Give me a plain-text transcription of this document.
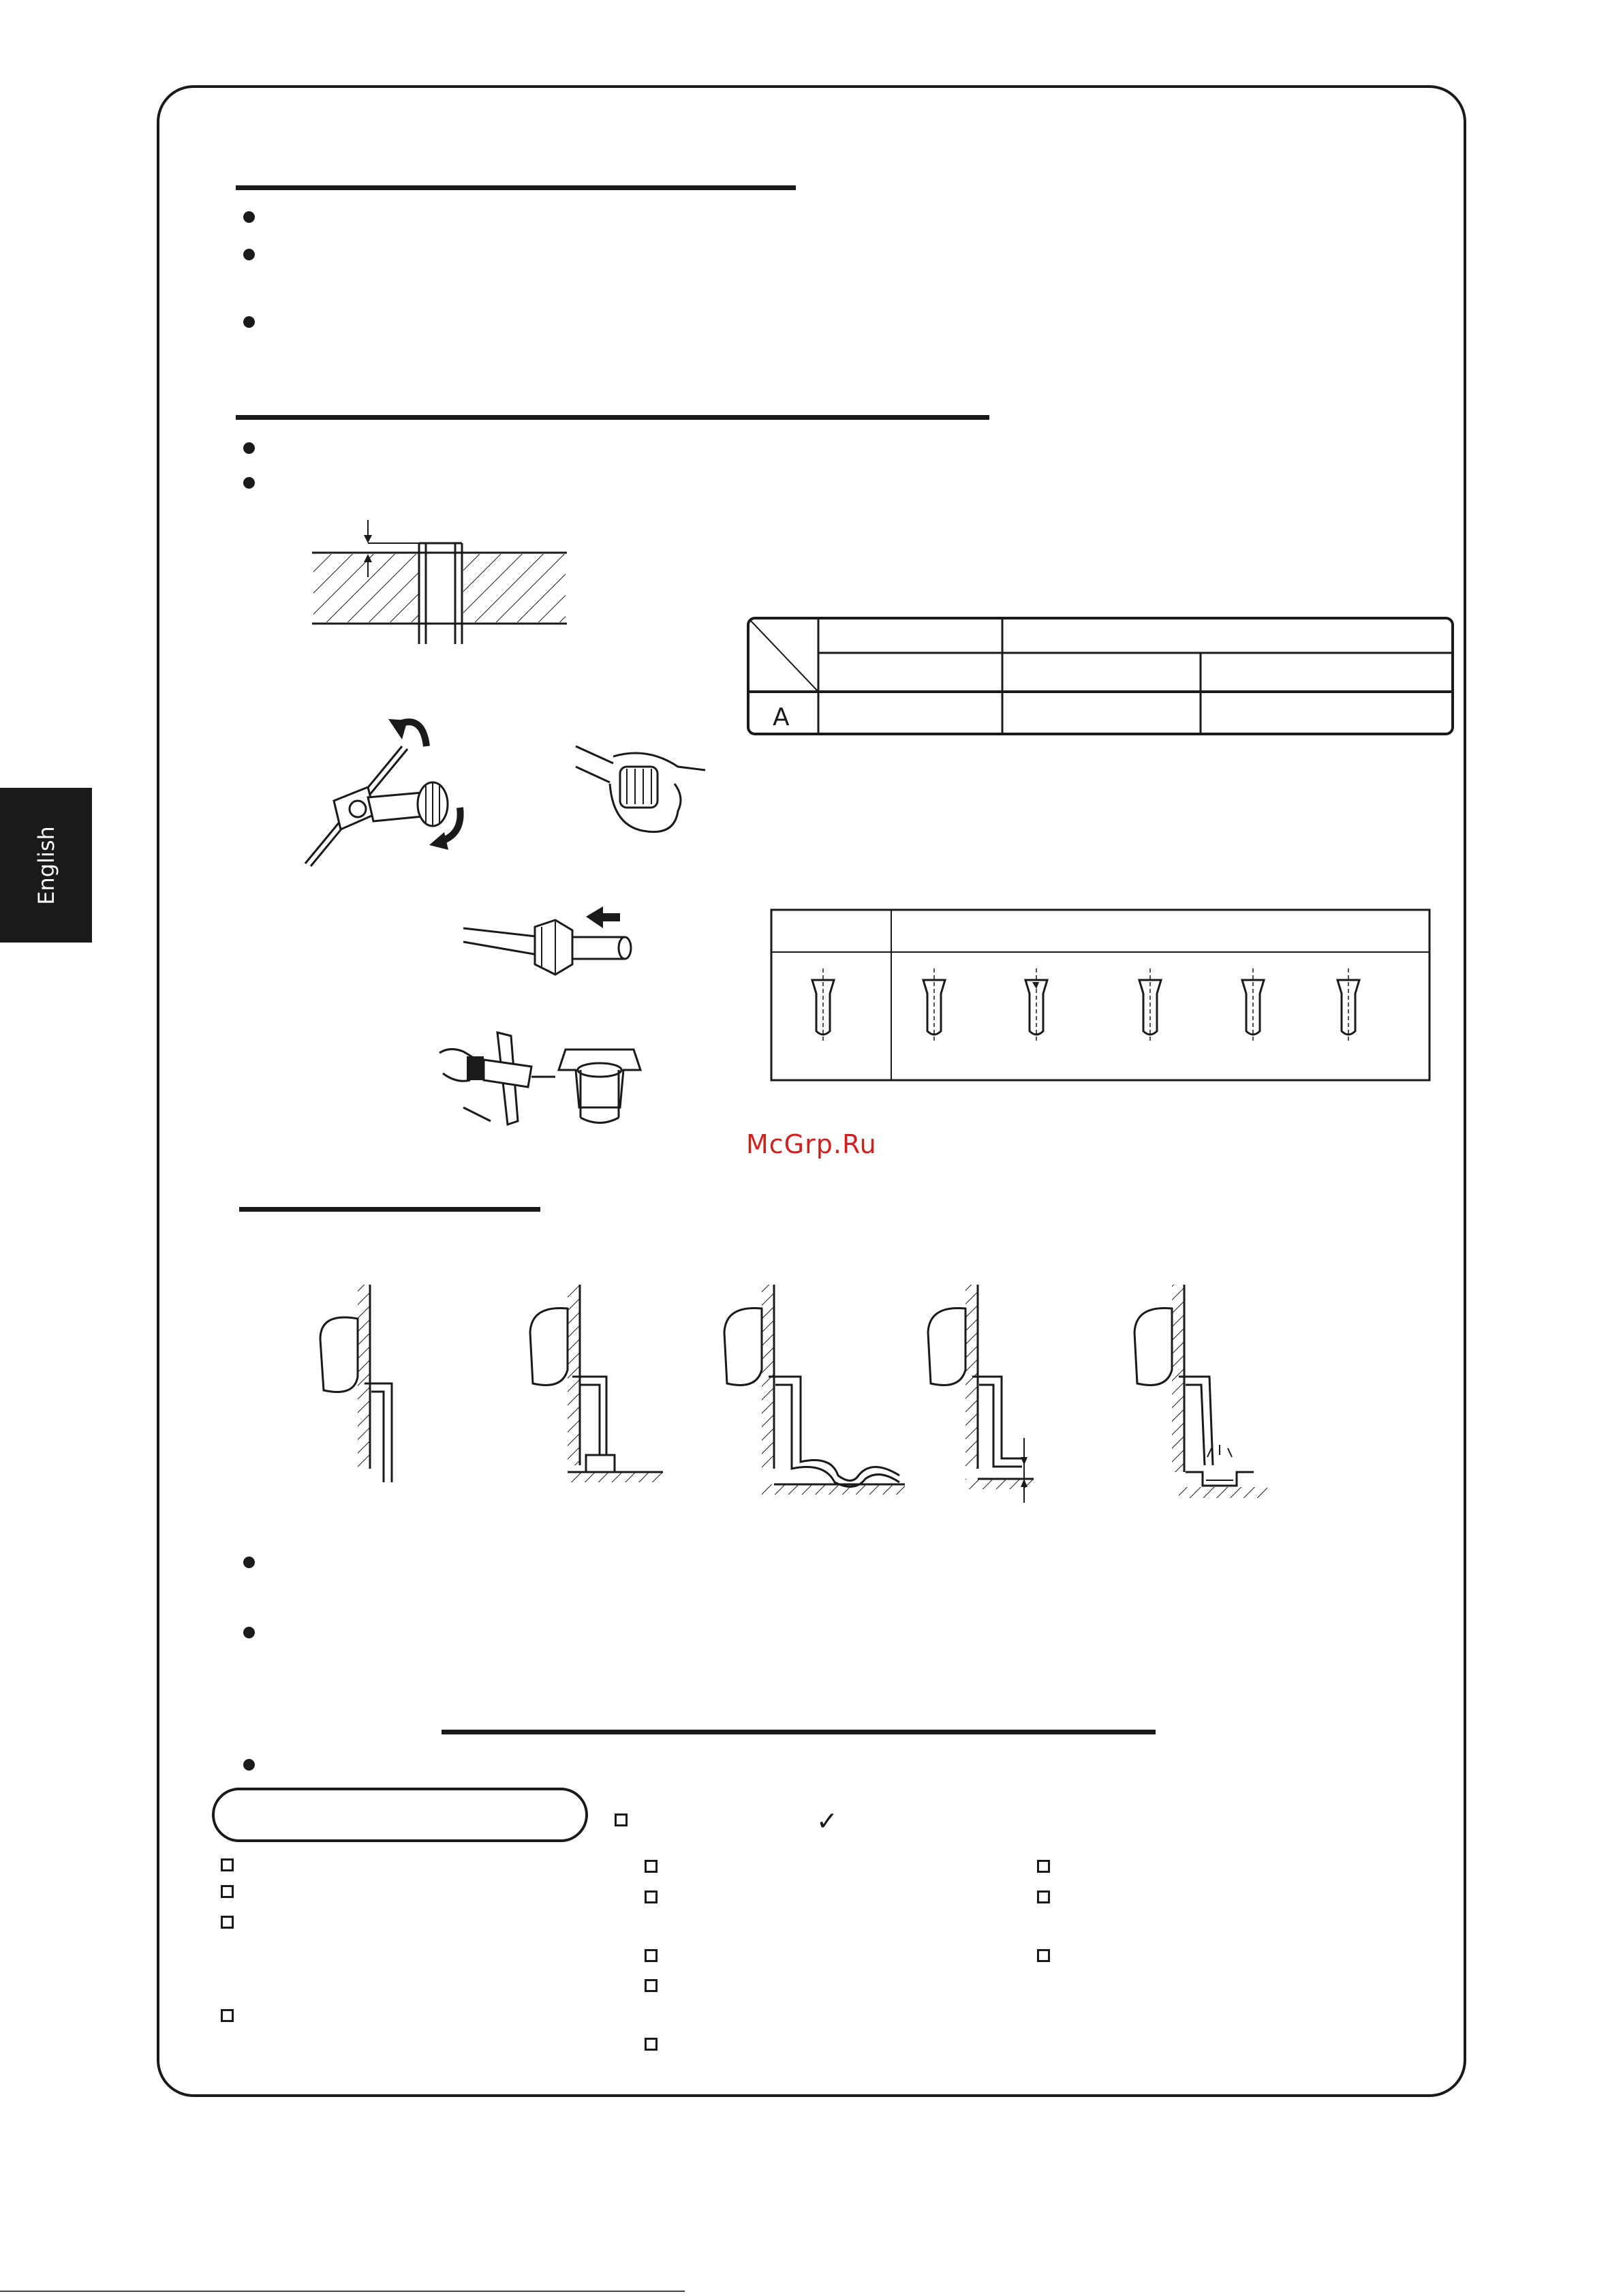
English
A
McGrp.Ru
✓
